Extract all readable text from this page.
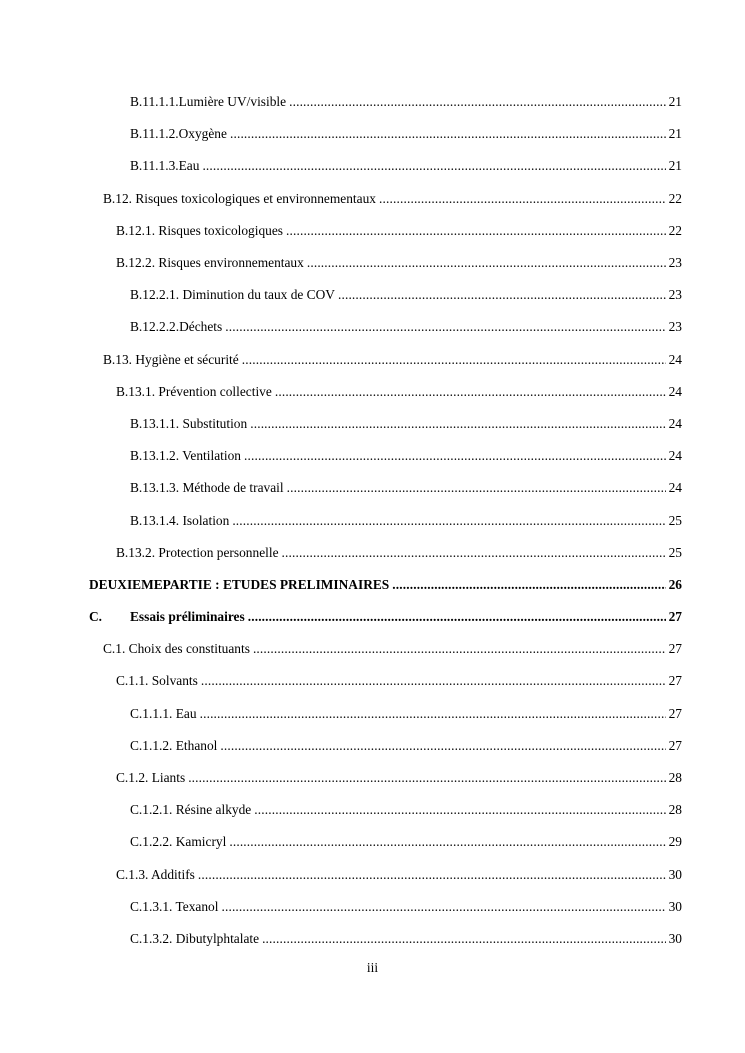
B.11.1.1.Lumière UV/visible . . .	21
B.11.1.2.Oxygène . . .	21
B.11.1.3.Eau . . .	21
B.12. Risques toxicologiques et environnementaux . . .	22
B.12.1. Risques toxicologiques . . .	22
B.12.2. Risques environnementaux . . .	23
B.12.2.1. Diminution du taux de COV . . .	23
B.12.2.2.Déchets . . .	23
B.13. Hygiène et sécurité . . .	24
B.13.1. Prévention collective . . .	24
B.13.1.1. Substitution . . .	24
B.13.1.2. Ventilation . . .	24
B.13.1.3. Méthode de travail . . .	24
B.13.1.4. Isolation . . .	25
B.13.2. Protection personnelle . . .	25
DEUXIEMEPARTIE : ETUDES PRELIMINAIRES . . .	26
C. Essais préliminaires . . .	27
C.1. Choix des constituants . . .	27
C.1.1. Solvants . . .	27
C.1.1.1. Eau . . .	27
C.1.1.2. Ethanol . . .	27
C.1.2. Liants . . .	28
C.1.2.1. Résine alkyde . . .	28
C.1.2.2. Kamicryl . . .	29
C.1.3. Additifs . . .	30
C.1.3.1. Texanol . . .	30
C.1.3.2. Dibutylphtalate . . .	30
iii
